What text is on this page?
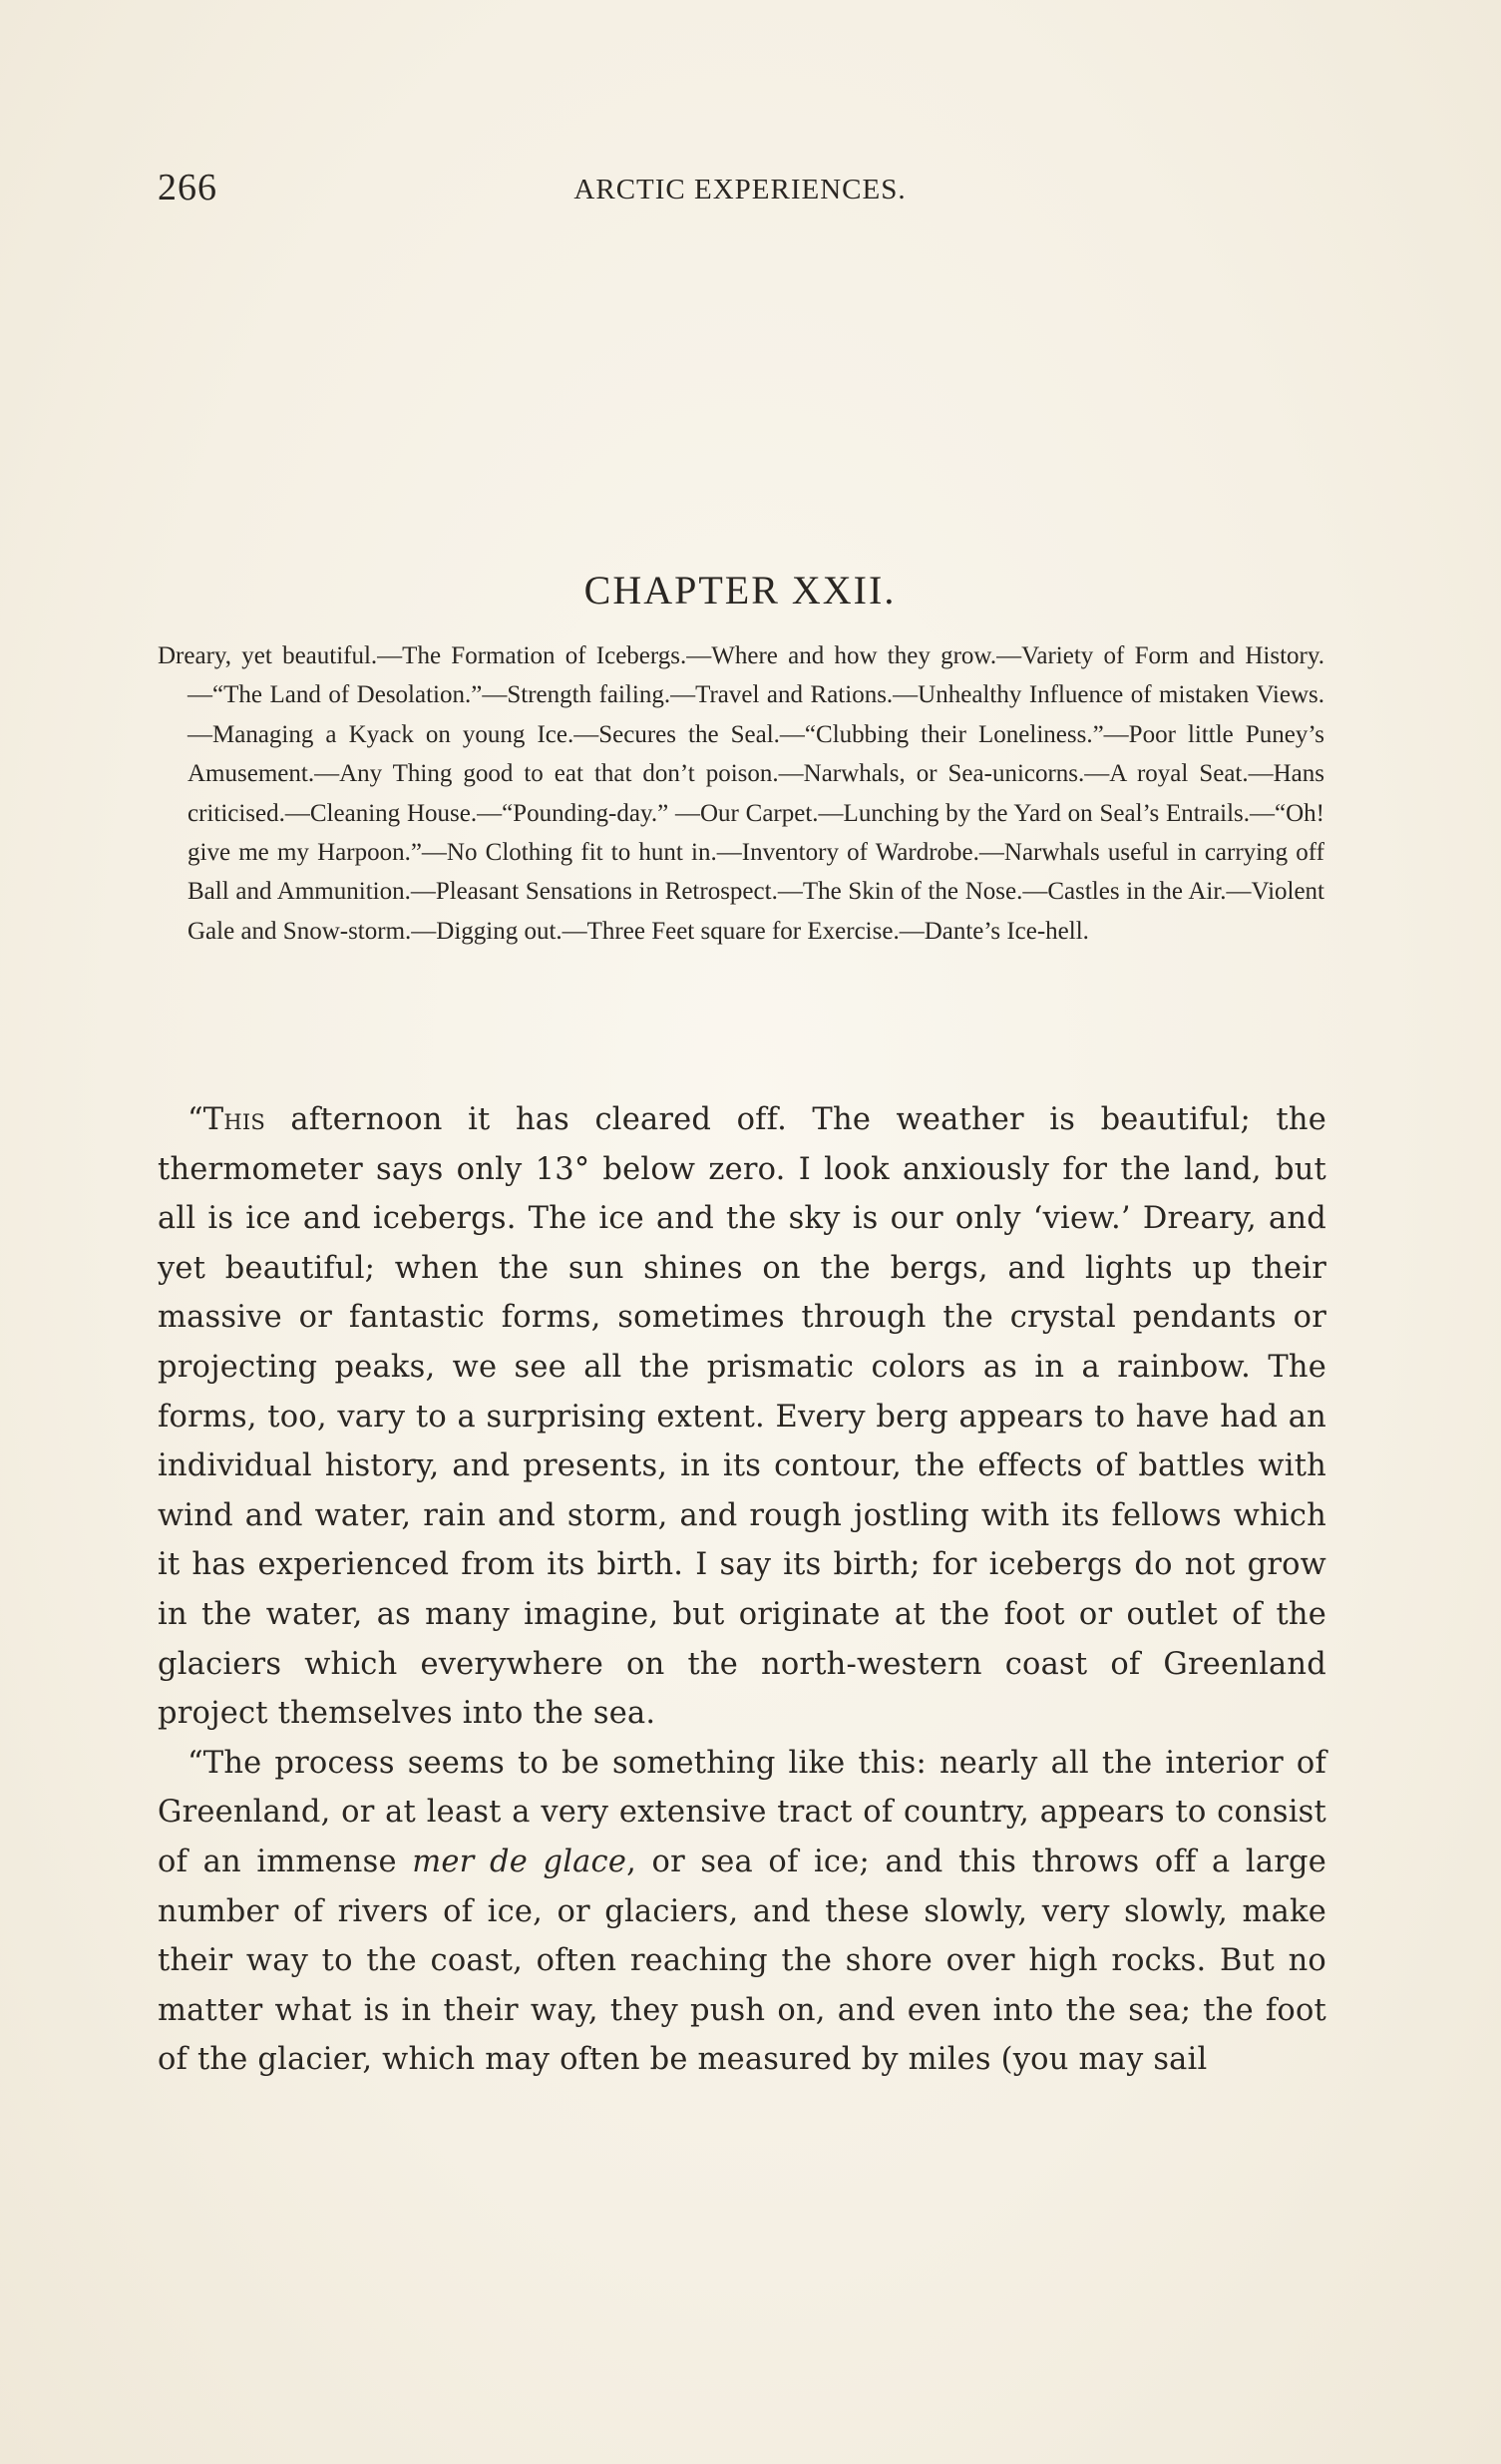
266	ARCTIC EXPERIENCES.
CHAPTER XXII.
Dreary, yet beautiful.—The Formation of Icebergs.—Where and how they grow.—Variety of Form and History.—“The Land of Desolation.”—Strength failing.—Travel and Rations.—Unhealthy Influence of mistaken Views.—Managing a Kyack on young Ice.—Secures the Seal.—“Clubbing their Loneliness.”—Poor little Puney’s Amusement.—Any Thing good to eat that don’t poison.—Narwhals, or Sea-unicorns.—A royal Seat.—Hans criticised.—Cleaning House.—“Pounding-day.” —Our Carpet.—Lunching by the Yard on Seal’s Entrails.—“Oh! give me my Harpoon.”—No Clothing fit to hunt in.—Inventory of Wardrobe.—Narwhals useful in carrying off Ball and Ammunition.—Pleasant Sensations in Retrospect.—The Skin of the Nose.—Castles in the Air.—Violent Gale and Snow-storm.—Digging out.—Three Feet square for Exercise.—Dante’s Ice-hell.

“This afternoon it has cleared off. The weather is beautiful; the thermometer says only 13° below zero. I look anxiously for the land, but all is ice and icebergs. The ice and the sky is our only ‘view.’ Dreary, and yet beautiful; when the sun shines on the bergs, and lights up their massive or fantastic forms, sometimes through the crystal pendants or projecting peaks, we see all the prismatic colors as in a rainbow. The forms, too, vary to a surprising extent. Every berg appears to have had an individual history, and presents, in its contour, the effects of battles with wind and water, rain and storm, and rough jostling with its fellows which it has experienced from its birth. I say its birth; for icebergs do not grow in the water, as many imagine, but originate at the foot or outlet of the glaciers which everywhere on the north-western coast of Greenland project themselves into the sea.

“The process seems to be something like this: nearly all the interior of Greenland, or at least a very extensive tract of country, appears to consist of an immense mer de glace, or sea of ice; and this throws off a large number of rivers of ice, or glaciers, and these slowly, very slowly, make their way to the coast, often reaching the shore over high rocks. But no matter what is in their way, they push on, and even into the sea; the foot of the glacier, which may often be measured by miles (you may sail
